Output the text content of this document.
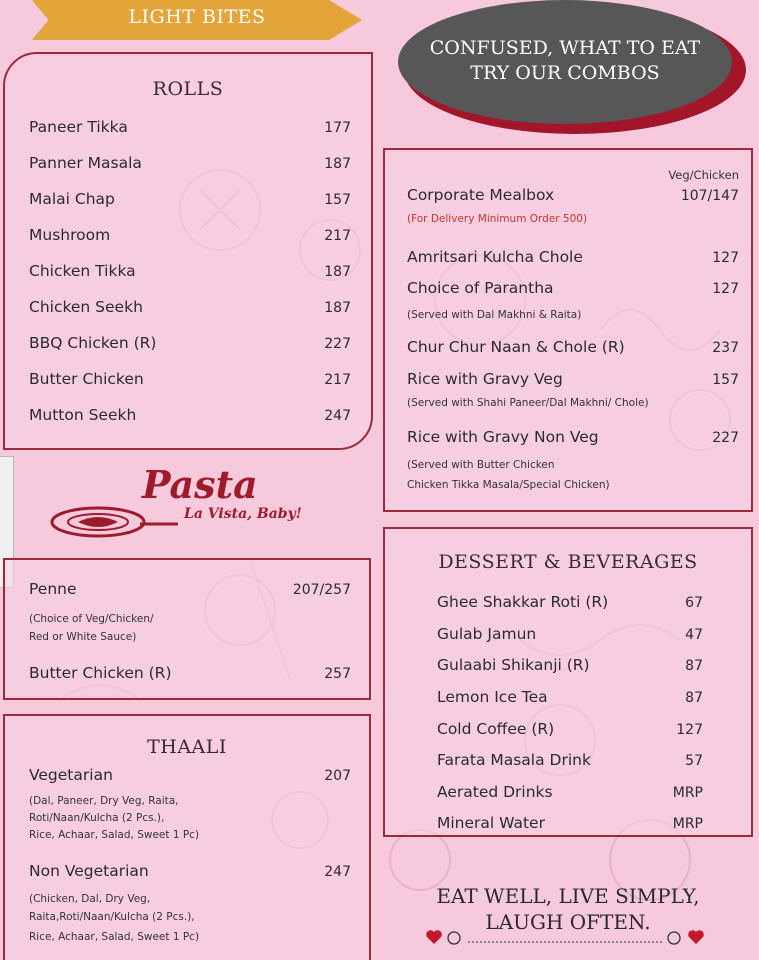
LIGHT BITES
CONFUSED, WHAT TO EAT
TRY OUR COMBOS
ROLLS
Paneer Tikka	177
Panner Masala	187
Malai Chap	157
Mushroom	217
Chicken Tikka	187
Chicken Seekh	187
BBQ Chicken (R)	227
Butter Chicken	217
Mutton Seekh	247
Veg/Chicken
Corporate Mealbox	107/147
(For Delivery Minimum Order 500)
Amritsari Kulcha Chole	127
Choice of Parantha	127
(Served with Dal Makhni & Raita)
Chur Chur Naan & Chole (R)	237
Rice with Gravy Veg	157
(Served with Shahi Paneer/Dal Makhni/ Chole)
Rice with Gravy Non Veg	227
(Served with Butter Chicken
Chicken Tikka Masala/Special Chicken)
Pasta
La Vista, Baby!
Penne	207/257
(Choice of Veg/Chicken/
Red or White Sauce)
Butter Chicken (R)	257
DESSERT & BEVERAGES
Ghee Shakkar Roti (R)	67
Gulab Jamun	47
Gulaabi Shikanji (R)	87
Lemon Ice Tea	87
Cold Coffee (R)	127
Farata Masala Drink	57
Aerated Drinks	MRP
Mineral Water	MRP
THAALI
Vegetarian	207
(Dal, Paneer, Dry Veg, Raita,
Roti/Naan/Kulcha (2 Pcs.),
Rice, Achaar, Salad, Sweet 1 Pc)
Non Vegetarian	247
(Chicken, Dal, Dry Veg,
Raita,Roti/Naan/Kulcha (2 Pcs.),
Rice, Achaar, Salad, Sweet 1 Pc)
EAT WELL, LIVE SIMPLY,
LAUGH OFTEN.
